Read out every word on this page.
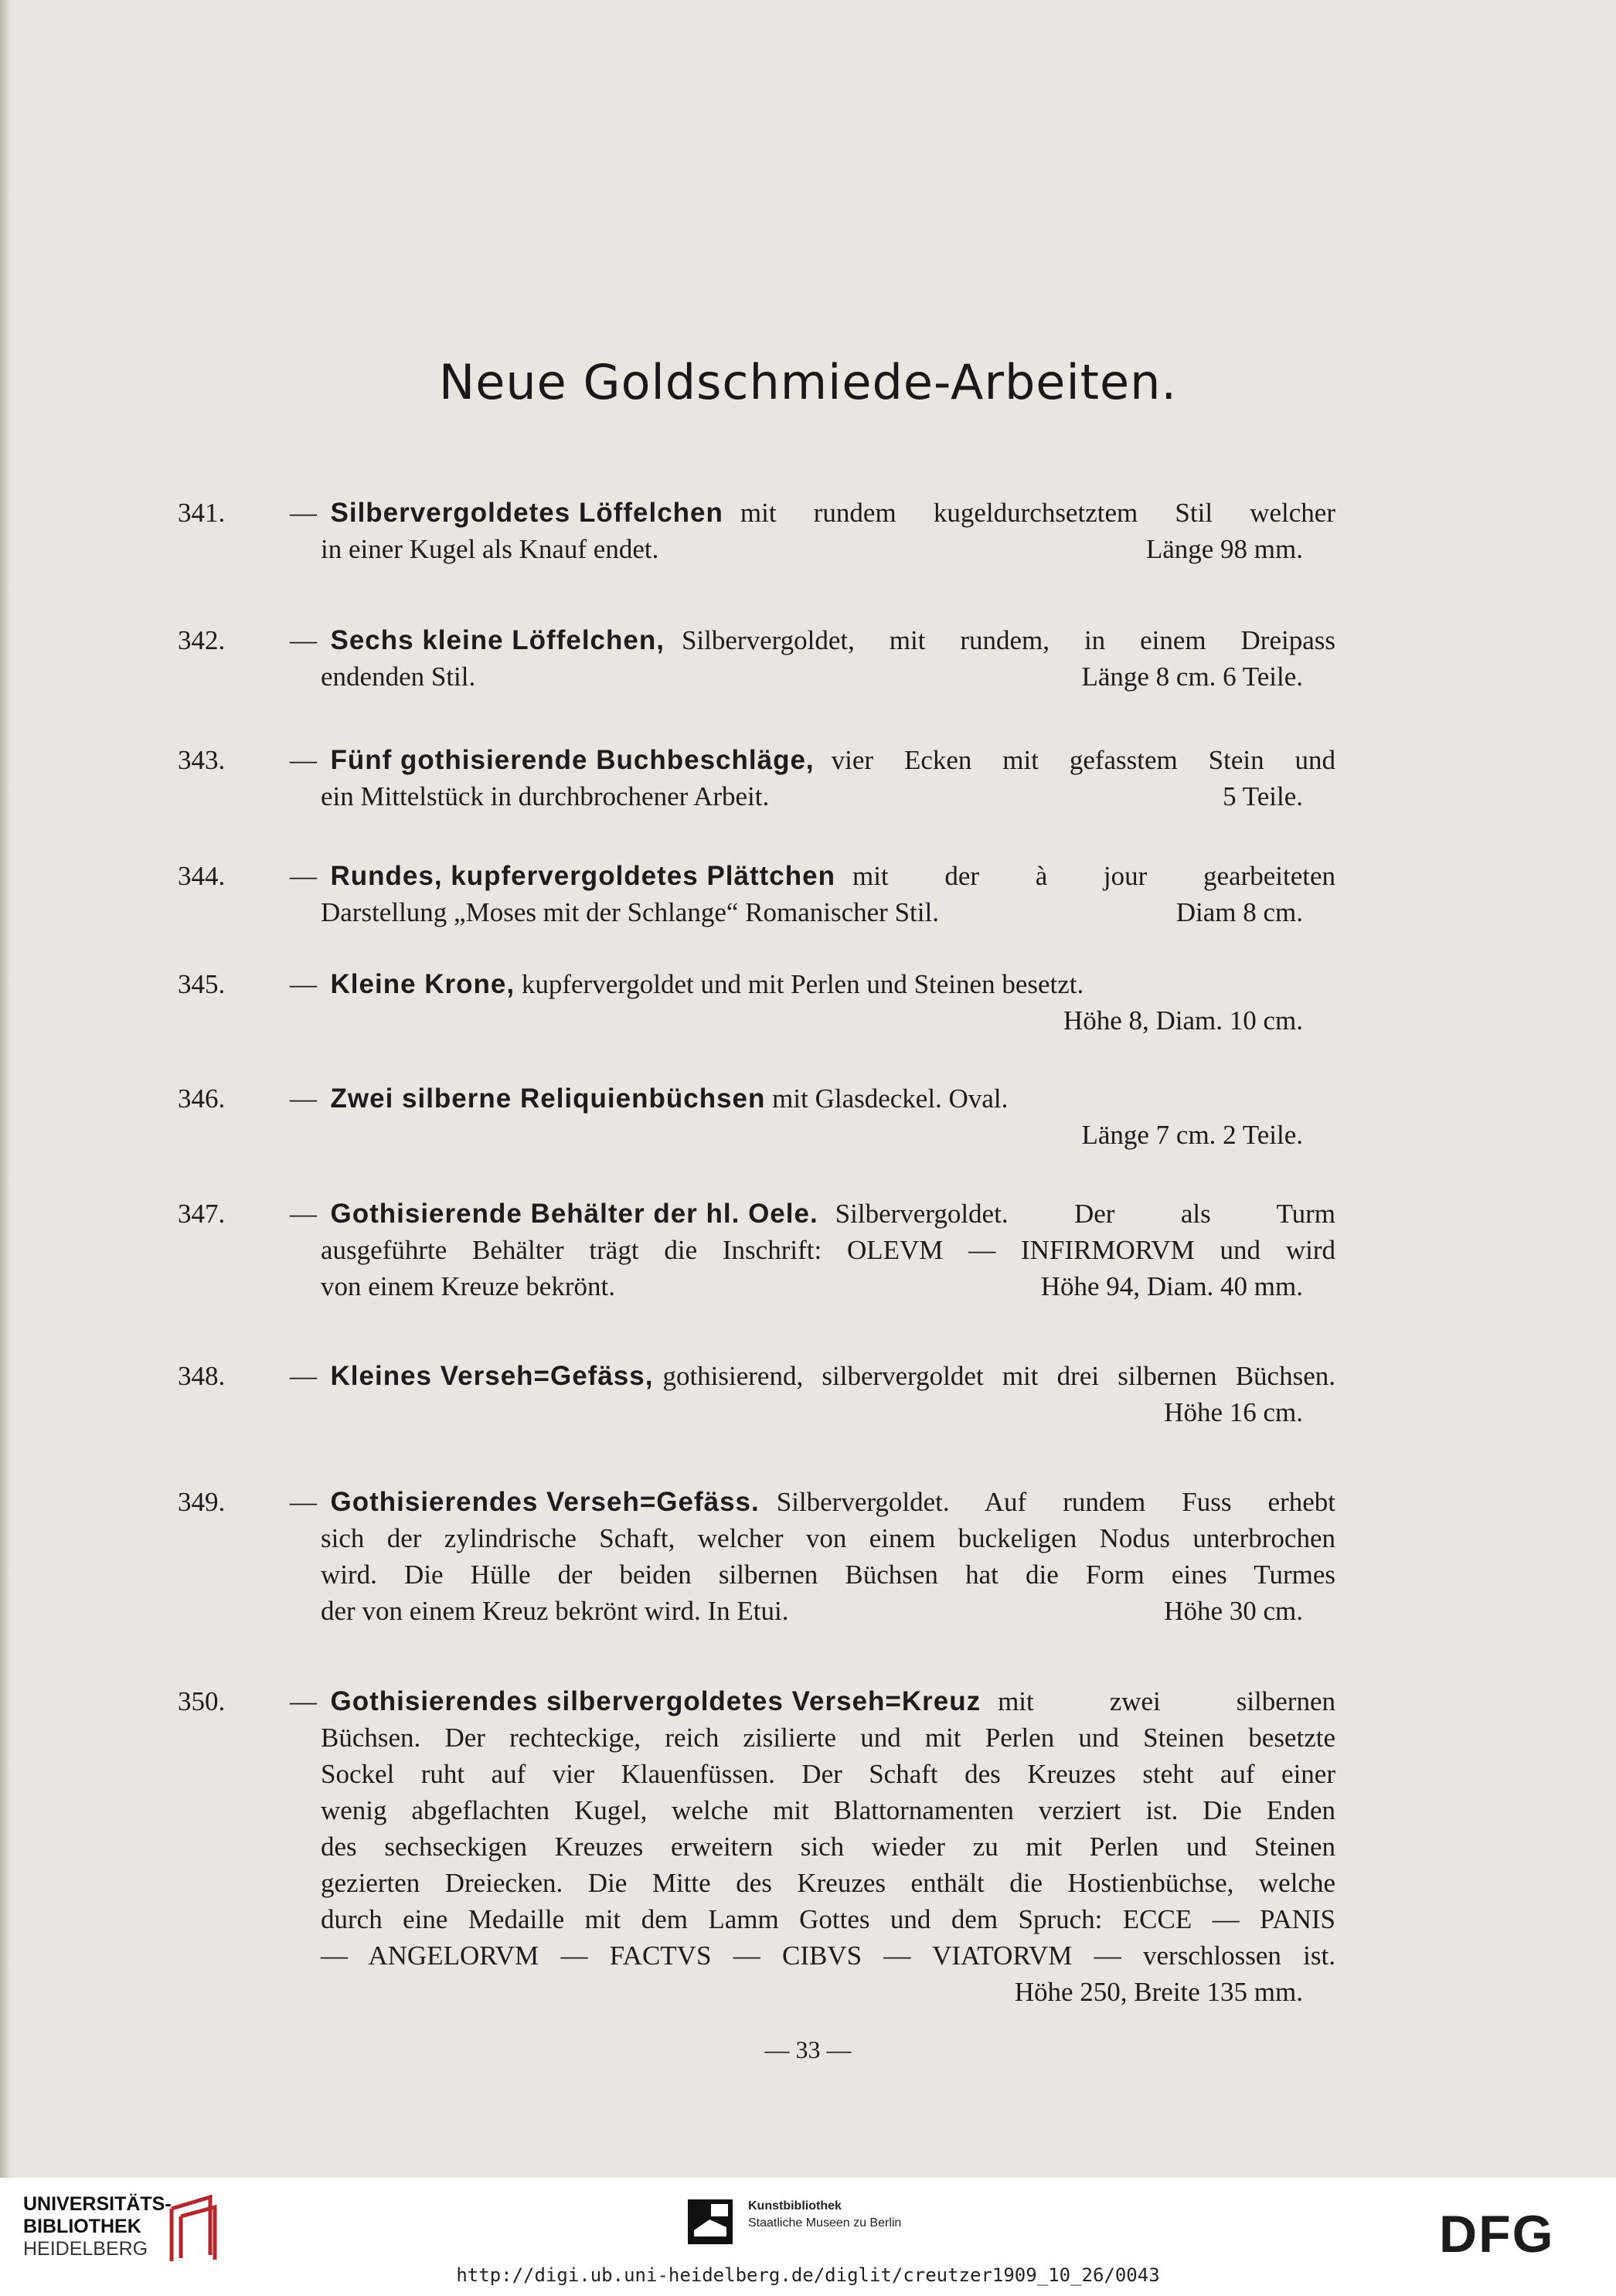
Neue Goldschmiede-Arbeiten.
341.	— Silbervergoldetes Löffelchen mit rundem kugeldurchsetztem Stil welcher
in einer Kugel als Knauf endet.	Länge 98 mm.
342.	— Sechs kleine Löffelchen, Silbervergoldet, mit rundem, in einem Dreipass
endenden Stil.	Länge 8 cm. 6 Teile.
343.	— Fünf gothisierende Buchbeschläge, vier Ecken mit gefasstem Stein und
ein Mittelstück in durchbrochener Arbeit.	5 Teile.
344.	— Rundes, kupfervergoldetes Plättchen mit der à jour gearbeiteten
Darstellung „Moses mit der Schlange“ Romanischer Stil.	Diam 8 cm.
345.	— Kleine Krone, kupfervergoldet und mit Perlen und Steinen besetzt.
Höhe 8, Diam. 10 cm.
346.	— Zwei silberne Reliquienbüchsen mit Glasdeckel. Oval.
Länge 7 cm. 2 Teile.
347.	— Gothisierende Behälter der hl. Oele. Silbervergoldet. Der als Turm
ausgeführte Behälter trägt die Inschrift: OLEVM — INFIRMORVM und wird
von einem Kreuze bekrönt.	Höhe 94, Diam. 40 mm.
348.	— Kleines Verseh=Gefäss, gothisierend, silbervergoldet mit drei silbernen Büchsen.
Höhe 16 cm.
349.	— Gothisierendes Verseh=Gefäss. Silbervergoldet. Auf rundem Fuss erhebt
sich der zylindrische Schaft, welcher von einem buckeligen Nodus unterbrochen
wird. Die Hülle der beiden silbernen Büchsen hat die Form eines Turmes
der von einem Kreuz bekrönt wird. In Etui.	Höhe 30 cm.
350.	— Gothisierendes silbervergoldetes Verseh=Kreuz mit zwei silbernen
Büchsen. Der rechteckige, reich zisilierte und mit Perlen und Steinen besetzte
Sockel ruht auf vier Klauenfüssen. Der Schaft des Kreuzes steht auf einer
wenig abgeflachten Kugel, welche mit Blattornamenten verziert ist. Die Enden
des sechseckigen Kreuzes erweitern sich wieder zu mit Perlen und Steinen
gezierten Dreiecken. Die Mitte des Kreuzes enthält die Hostienbüchse, welche
durch eine Medaille mit dem Lamm Gottes und dem Spruch: ECCE — PANIS
— ANGELORVM — FACTVS — CIBVS — VIATORVM — verschlossen ist.
Höhe 250, Breite 135 mm.
— 33 —
UNIVERSITÄTS-
BIBLIOTHEK
HEIDELBERG
Kunstbibliothek
Staatliche Museen zu Berlin	DFG
http://digi.ub.uni-heidelberg.de/diglit/creutzer1909_10_26/0043
